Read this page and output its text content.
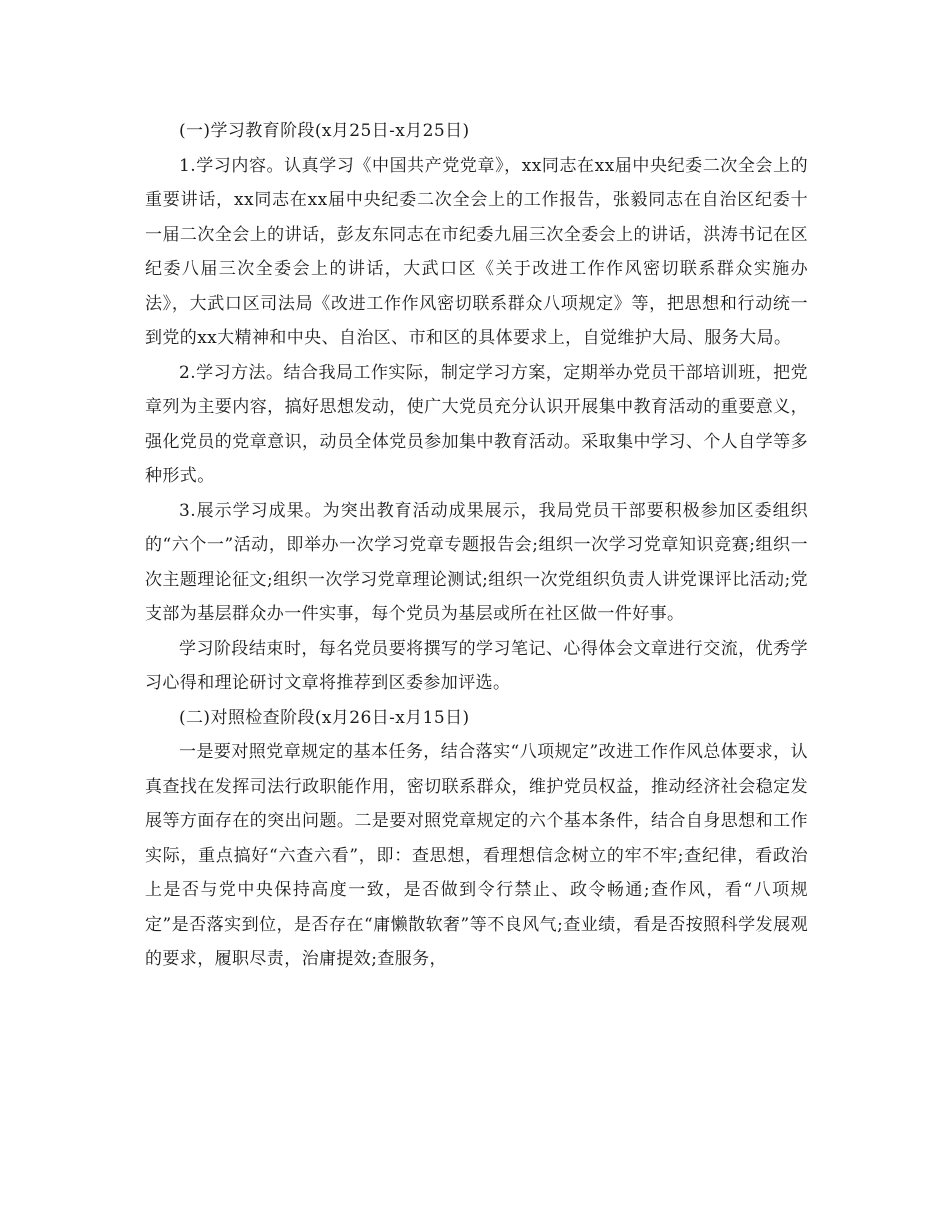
(一)学习教育阶段(x月25日-x月25日)

1.学习内容。认真学习《中国共产党党章》，xx同志在xx届中央纪委二次全会上的重要讲话，xx同志在xx届中央纪委二次全会上的工作报告，张毅同志在自治区纪委十一届二次全会上的讲话，彭友东同志在市纪委九届三次全委会上的讲话，洪涛书记在区纪委八届三次全委会上的讲话，大武口区《关于改进工作作风密切联系群众实施办法》，大武口区司法局《改进工作作风密切联系群众八项规定》等，把思想和行动统一到党的xx大精神和中央、自治区、市和区的具体要求上，自觉维护大局、服务大局。

2.学习方法。结合我局工作实际，制定学习方案，定期举办党员干部培训班，把党章列为主要内容，搞好思想发动，使广大党员充分认识开展集中教育活动的重要意义，强化党员的党章意识，动员全体党员参加集中教育活动。采取集中学习、个人自学等多种形式。

3.展示学习成果。为突出教育活动成果展示，我局党员干部要积极参加区委组织的“六个一”活动，即举办一次学习党章专题报告会;组织一次学习党章知识竞赛;组织一次主题理论征文;组织一次学习党章理论测试;组织一次党组织负责人讲党课评比活动;党支部为基层群众办一件实事，每个党员为基层或所在社区做一件好事。

学习阶段结束时，每名党员要将撰写的学习笔记、心得体会文章进行交流，优秀学习心得和理论研讨文章将推荐到区委参加评选。

(二)对照检查阶段(x月26日-x月15日)

一是要对照党章规定的基本任务，结合落实“八项规定”改进工作作风总体要求，认真查找在发挥司法行政职能作用，密切联系群众，维护党员权益，推动经济社会稳定发展等方面存在的突出问题。二是要对照党章规定的六个基本条件，结合自身思想和工作实际，重点搞好“六查六看”，即：查思想，看理想信念树立的牢不牢;查纪律，看政治上是否与党中央保持高度一致，是否做到令行禁止、政令畅通;查作风，看“八项规定”是否落实到位，是否存在“庸懒散软奢”等不良风气;查业绩，看是否按照科学发展观的要求，履职尽责，治庸提效;查服务，
